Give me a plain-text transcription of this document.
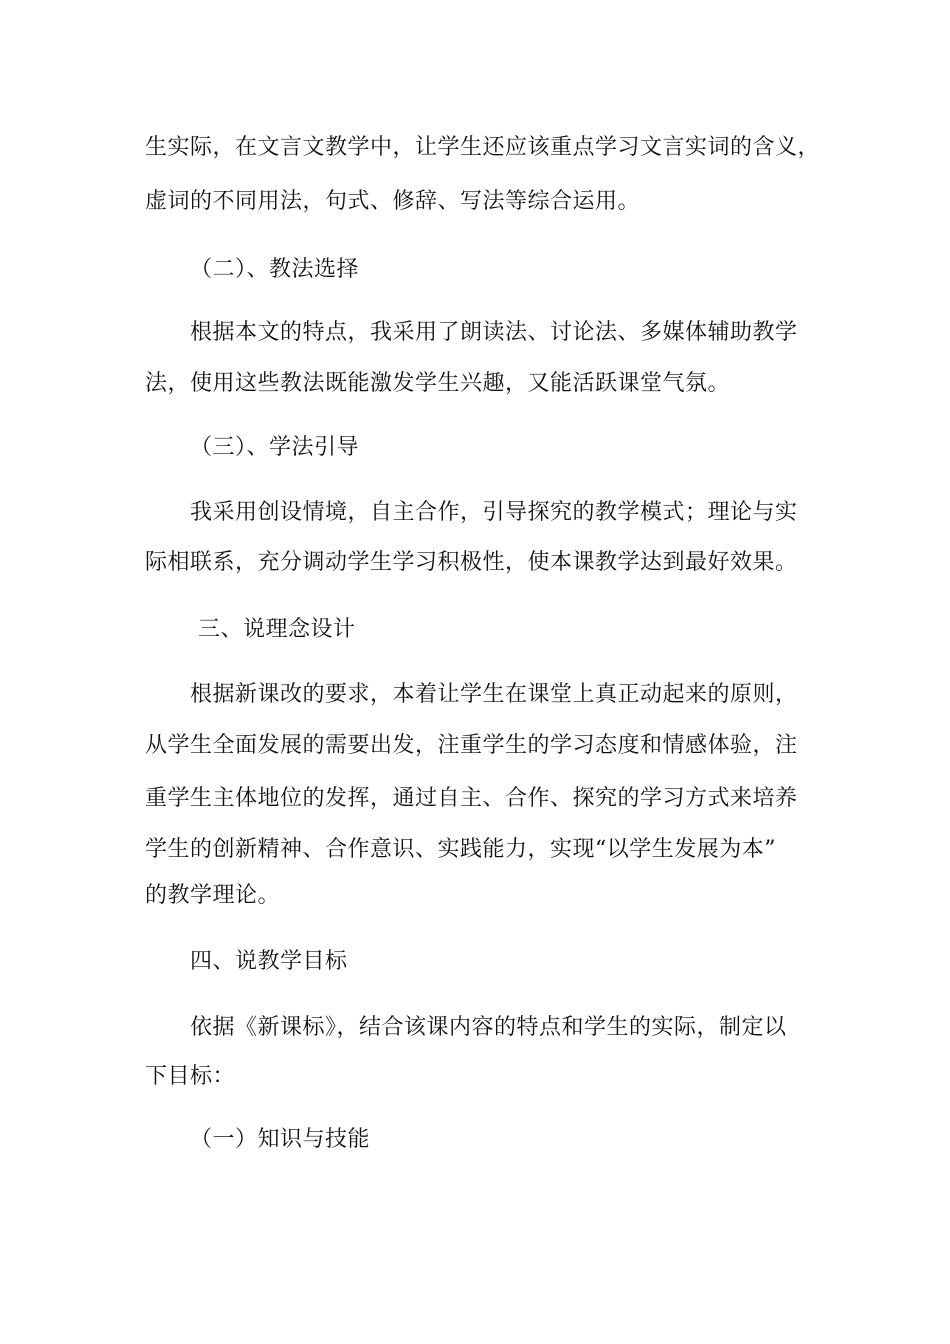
生实际，在文言文教学中，让学生还应该重点学习文言实词的含义，
虚词的不同用法，句式、修辞、写法等综合运用。
（二）、教法选择
根据本文的特点，我采用了朗读法、讨论法、多媒体辅助教学
法，使用这些教法既能激发学生兴趣，又能活跃课堂气氛。
（三）、学法引导
我采用创设情境，自主合作，引导探究的教学模式；理论与实
际相联系，充分调动学生学习积极性，使本课教学达到最好效果。
三、说理念设计
根据新课改的要求，本着让学生在课堂上真正动起来的原则，
从学生全面发展的需要出发，注重学生的学习态度和情感体验，注
重学生主体地位的发挥，通过自主、合作、探究的学习方式来培养
学生的创新精神、合作意识、实践能力，实现“以学生发展为本”
的教学理论。
四、说教学目标
依据《新课标》，结合该课内容的特点和学生的实际，制定以
下目标：
（一）知识与技能
